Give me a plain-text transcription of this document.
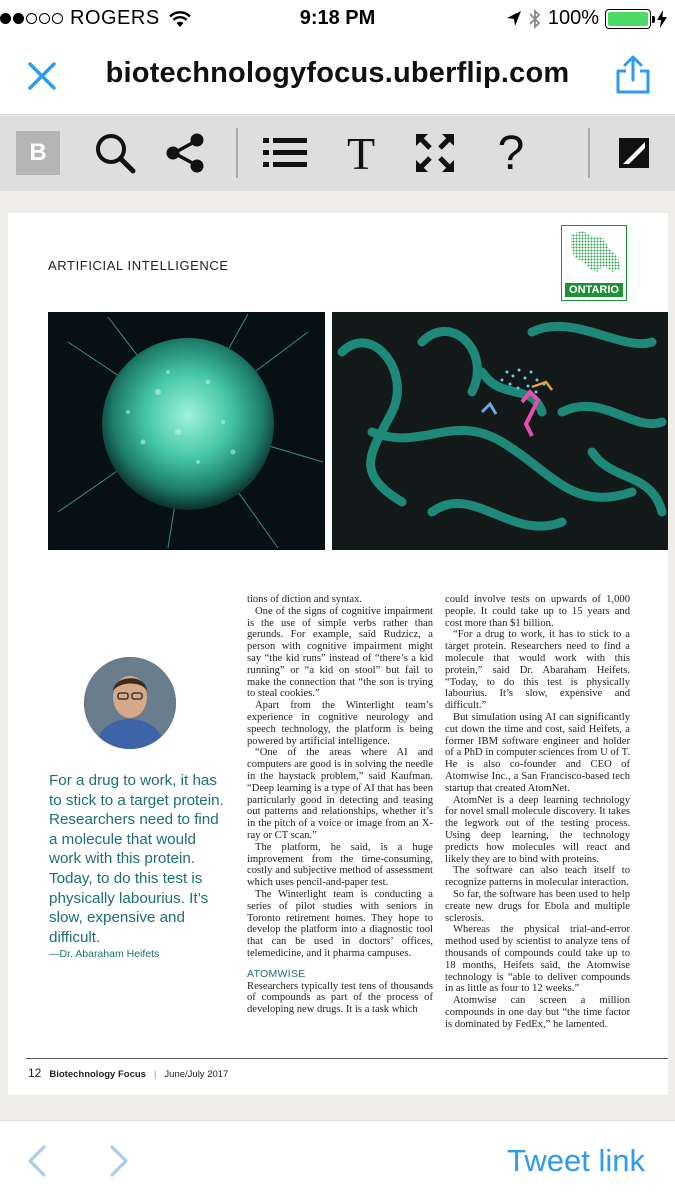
ROGERS	9:18 PM	100%
biotechnologyfocus.uberflip.com
B	T	?
ARTIFICIAL INTELLIGENCE
ONTARIO
For a drug to work, it has to stick to a target protein. Researchers need to find a molecule that would work with this protein. Today, to do this test is physically labourius. It’s slow, expensive and difficult.
—Dr. Abaraham Heifets

tions of diction and syntax.

One of the signs of cognitive impairment is the use of simple verbs rather than gerunds. For example, said Rudzicz, a person with cognitive impairment might say “the kid runs” instead of “there’s a kid running” or “a kid on stool” but fail to make the connection that “the son is trying to steal cookies.”

Apart from the Winterlight team’s experience in cognitive neurology and speech technology, the platform is being powered by artificial intelligence.

“One of the areas where AI and computers are good is in solving the needle in the haystack problem,” said Kaufman. “Deep learning is a type of AI that has been particularly good in detecting and teasing out patterns and relationships, whether it’s in the pitch of a voice or image from an X-ray or CT scan.”

The platform, he said, is a huge improvement from the time-consuming, costly and subjective method of assessment which uses pencil-and-paper test.

The Winterlight team is conducting a series of pilot studies with seniors in Toronto retirement homes. They hope to develop the platform into a diagnostic tool that can be used in doctors’ offices, telemedicine, and it pharma campuses.

ATOMWISE

Researchers typically test tens of thousands of compounds as part of the process of developing new drugs. It is a task which

could involve tests on upwards of 1,000 people. It could take up to 15 years and cost more than $1 billion.

“For a drug to work, it has to stick to a target protein. Researchers need to find a molecule that would work with this protein,” said Dr. Abaraham Heifets. “Today, to do this test is physically labourius. It’s slow, expensive and difficult.”

But simulation using AI can significantly cut down the time and cost, said Heifets, a former IBM software engineer and holder of a PhD in computer sciences from U of T. He is also co-founder and CEO of Atomwise Inc., a San Francisco-based tech startup that created AtomNet.

AtomNet is a deep learning technology for novel small molecule discovery. It takes the legwork out of the testing process. Using deep learning, the technology predicts how molecules will react and likely they are to bind with proteins.

The software can also teach itself to recognize patterns in molecular interaction.

So far, the software has been used to help create new drugs for Ebola and multiple sclerosis.

Whereas the physical trial-and-error method used by scientist to analyze tens of thousands of compounds could take up to 18 months, Heifets said, the Atomwise technology is “able to deliver compounds in as little as four to 12 weeks.”

Atomwise can screen a million compounds in one day but “the time factor is dominated by FedEx,” he lamented.

12 Biotechnology Focus | June/July 2017
Tweet link
